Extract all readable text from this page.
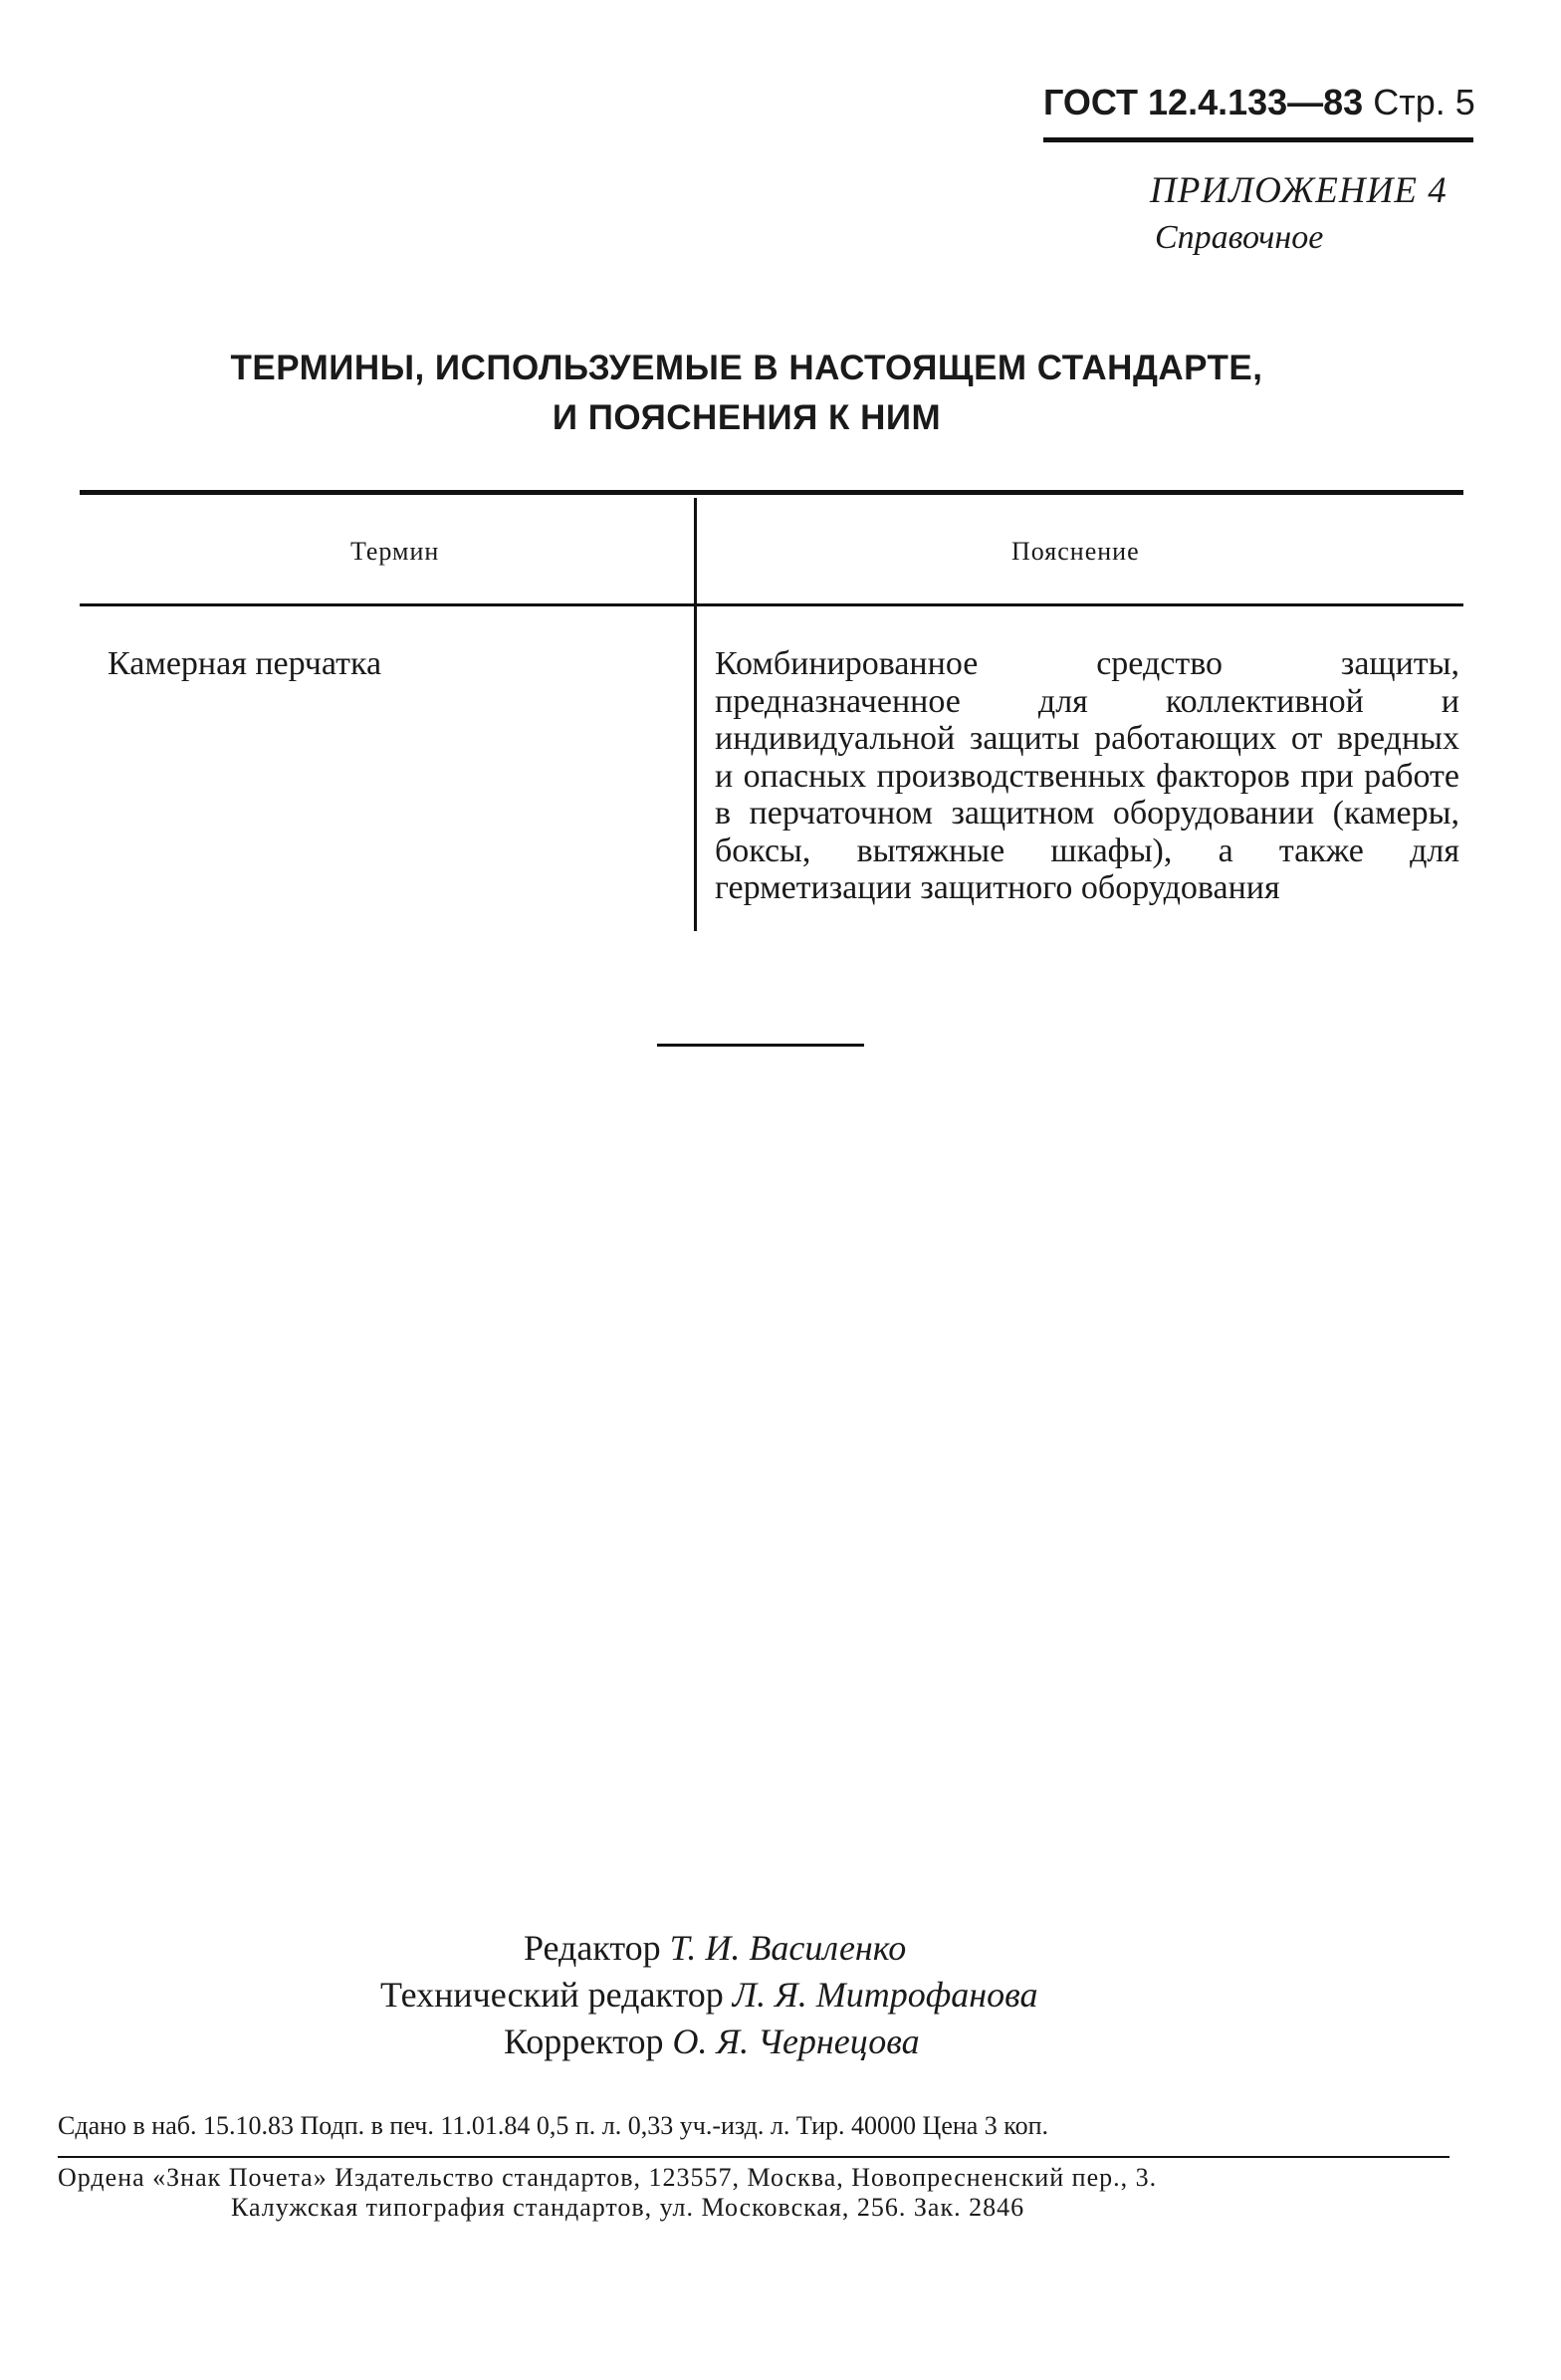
ГОСТ 12.4.133—83 Стр. 5
ПРИЛОЖЕНИЕ 4
Справочное
ТЕРМИНЫ, ИСПОЛЬЗУЕМЫЕ В НАСТОЯЩЕМ СТАНДАРТЕ,
И ПОЯСНЕНИЯ К НИМ
Термин	Пояснение
Камерная перчатка	Комбинированное средство защиты, предназначенное для коллективной и индивидуальной защиты работающих от вредных и опасных производственных факторов при работе в перчаточном защитном оборудовании (камеры, боксы, вытяжные шкафы), а также для герметизации защитного оборудования
Редактор Т. И. Василенко
Технический редактор Л. Я. Митрофанова
Корректор О. Я. Чернецова
Сдано в наб. 15.10.83 Подп. в печ. 11.01.84 0,5 п. л. 0,33 уч.-изд. л. Тир. 40000 Цена 3 коп.
Ордена «Знак Почета» Издательство стандартов, 123557, Москва, Новопресненский пер., 3.
Калужская типография стандартов, ул. Московская, 256. Зак. 2846
